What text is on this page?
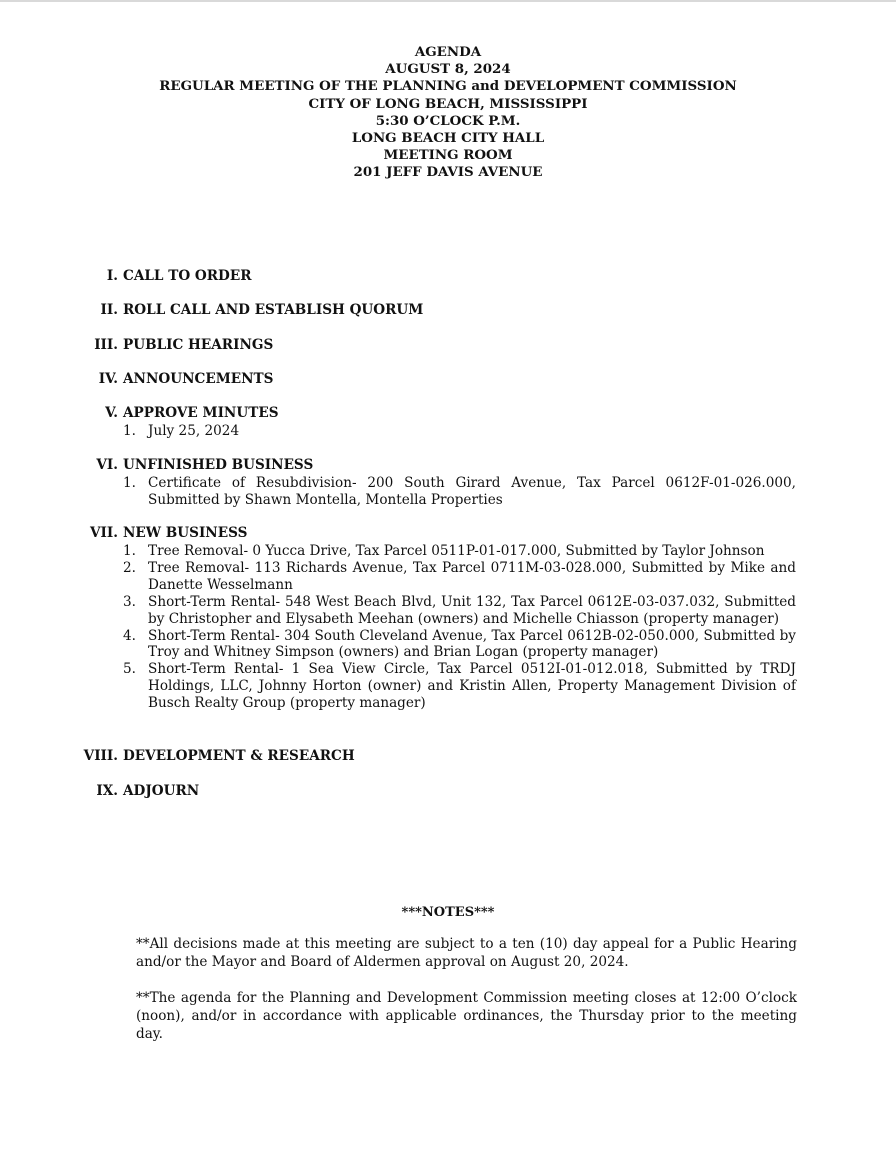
AGENDA
AUGUST 8, 2024
REGULAR MEETING OF THE PLANNING and DEVELOPMENT COMMISSION
CITY OF LONG BEACH, MISSISSIPPI
5:30 O’CLOCK P.M.
LONG BEACH CITY HALL
MEETING ROOM
201 JEFF DAVIS AVENUE
I. CALL TO ORDER
II. ROLL CALL AND ESTABLISH QUORUM
III. PUBLIC HEARINGS
IV. ANNOUNCEMENTS
V. APPROVE MINUTES
1. July 25, 2024
VI. UNFINISHED BUSINESS
1. Certificate of Resubdivision- 200 South Girard Avenue, Tax Parcel 0612F-01-026.000, Submitted by Shawn Montella, Montella Properties
VII. NEW BUSINESS
1. Tree Removal- 0 Yucca Drive, Tax Parcel 0511P-01-017.000, Submitted by Taylor Johnson
2. Tree Removal- 113 Richards Avenue, Tax Parcel 0711M-03-028.000, Submitted by Mike and Danette Wesselmann
3. Short-Term Rental- 548 West Beach Blvd, Unit 132, Tax Parcel 0612E-03-037.032, Submitted by Christopher and Elysabeth Meehan (owners) and Michelle Chiasson (property manager)
4. Short-Term Rental- 304 South Cleveland Avenue, Tax Parcel 0612B-02-050.000, Submitted by Troy and Whitney Simpson (owners) and Brian Logan (property manager)
5. Short-Term Rental- 1 Sea View Circle, Tax Parcel 0512I-01-012.018, Submitted by TRDJ Holdings, LLC, Johnny Horton (owner) and Kristin Allen, Property Management Division of Busch Realty Group (property manager)
VIII. DEVELOPMENT & RESEARCH
IX. ADJOURN
***NOTES***
**All decisions made at this meeting are subject to a ten (10) day appeal for a Public Hearing and/or the Mayor and Board of Aldermen approval on August 20, 2024.
**The agenda for the Planning and Development Commission meeting closes at 12:00 O’clock (noon), and/or in accordance with applicable ordinances, the Thursday prior to the meeting day.
